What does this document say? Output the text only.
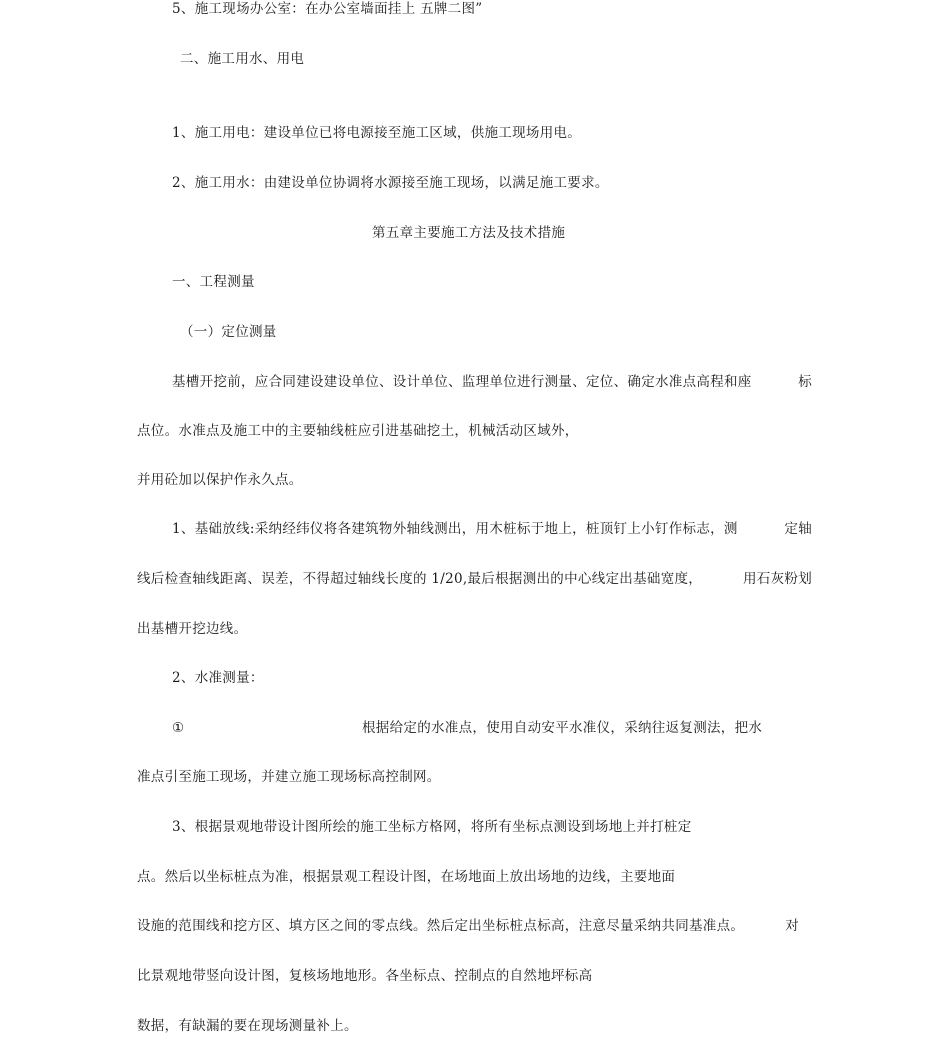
5、施工现场办公室：在办公室墙面挂上 五牌二图”
二、施工用水、用电
1、施工用电：建设单位已将电源接至施工区域，供施工现场用电。
2、施工用水：由建设单位协调将水源接至施工现场，以满足施工要求。
第五章主要施工方法及技术措施
一、工程测量
（一）定位测量
基槽开挖前，应合同建设建设单位、设计单位、监理单位进行测量、定位、确定水准点高程和座	标
点位。水准点及施工中的主要轴线桩应引进基础挖土，机械活动区域外，
并用砼加以保护作永久点。
1、基础放线:采纳经纬仪将各建筑物外轴线测出，用木桩标于地上，桩顶钉上小钉作标志，测	定轴
线后检查轴线距离、误差，不得超过轴线长度的 1/20,最后根据测出的中心线定出基础宽度，	用石灰粉划
出基槽开挖边线。
2、水准测量：
①	根据给定的水准点，使用自动安平水准仪，采纳往返复测法，把水
准点引至施工现场，并建立施工现场标高控制网。
3、根据景观地带设计图所绘的施工坐标方格网，将所有坐标点测设到场地上并打桩定
点。然后以坐标桩点为准，根据景观工程设计图，在场地面上放出场地的边线，主要地面
设施的范围线和挖方区、填方区之间的零点线。然后定出坐标桩点标高，注意尽量采纳共同基准点。	对
比景观地带竖向设计图，复核场地地形。各坐标点、控制点的自然地坪标高
数据，有缺漏的要在现场测量补上。
